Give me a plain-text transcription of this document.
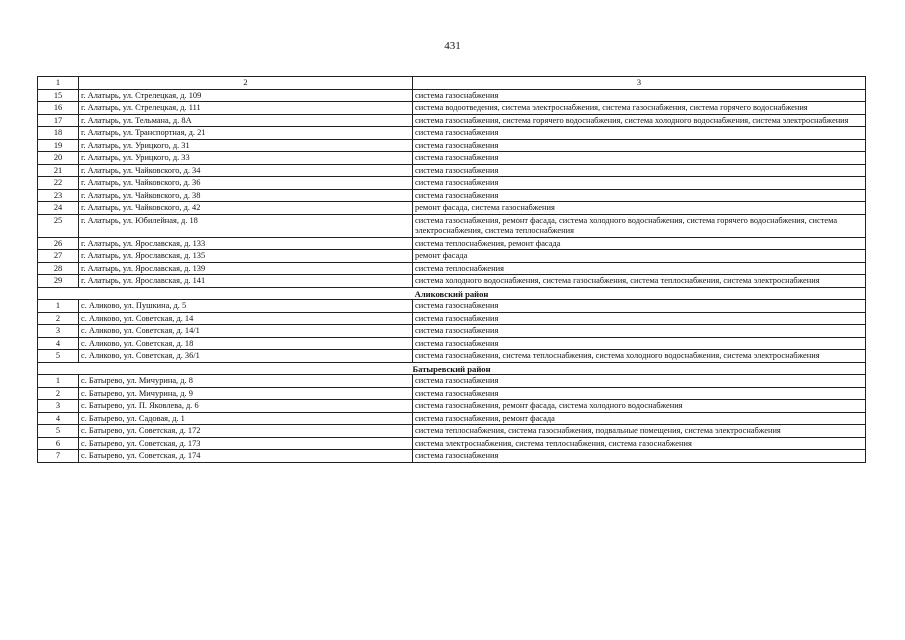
431
1	2	3
15	г. Алатырь, ул. Стрелецкая, д. 109	система газоснабжения
16	г. Алатырь, ул. Стрелецкая, д. 111	система водоотведения, система электроснабжения, система газоснабжения, система горячего водоснабжения
17	г. Алатырь, ул. Тельмана, д. 8А	система газоснабжения, система горячего водоснабжения, система холодного водоснабжения, система электроснабжения
18	г. Алатырь, ул. Транспортная, д. 21	система газоснабжения
19	г. Алатырь, ул. Урицкого, д. 31	система газоснабжения
20	г. Алатырь, ул. Урицкого, д. 33	система газоснабжения
21	г. Алатырь, ул. Чайковского, д. 34	система газоснабжения
22	г. Алатырь, ул. Чайковского, д. 36	система газоснабжения
23	г. Алатырь, ул. Чайковского, д. 38	система газоснабжения
24	г. Алатырь, ул. Чайковского, д. 42	ремонт фасада, система газоснабжения
25	г. Алатырь, ул. Юбилейная, д. 18	система газоснабжения, ремонт фасада, система холодного водоснабжения, система горячего водоснабжения, система электроснабжения, система теплоснабжения
26	г. Алатырь, ул. Ярославская, д. 133	система теплоснабжения, ремонт фасада
27	г. Алатырь, ул. Ярославская, д. 135	ремонт фасада
28	г. Алатырь, ул. Ярославская, д. 139	система теплоснабжения
29	г. Алатырь, ул. Ярославская, д. 141	система холодного водоснабжения, система газоснабжения, система теплоснабжения, система электроснабжения
Аликовский район		
1	с. Аликово, ул. Пушкина, д. 5	система газоснабжения
2	с. Аликово, ул. Советская, д. 14	система газоснабжения
3	с. Аликово, ул. Советская, д. 14/1	система газоснабжения
4	с. Аликово, ул. Советская, д. 18	система газоснабжения
5	с. Аликово, ул. Советская, д. 36/1	система газоснабжения, система теплоснабжения, система холодного водоснабжения, система электроснабжения
Батыревский район		
1	с. Батырево, ул. Мичурина, д. 8	система газоснабжения
2	с. Батырево, ул. Мичурина, д. 9	система газоснабжения
3	с. Батырево, ул. П. Яковлева, д. 6	система газоснабжения, ремонт фасада, система холодного водоснабжения
4	с. Батырево, ул. Садовая, д. 1	система газоснабжения, ремонт фасада
5	с. Батырево, ул. Советская, д. 172	система теплоснабжения, система газоснабжения, подвальные помещения, система электроснабжения
6	с. Батырево, ул. Советская, д. 173	система электроснабжения, система теплоснабжения, система газоснабжения
7	с. Батырево, ул. Советская, д. 174	система газоснабжения
